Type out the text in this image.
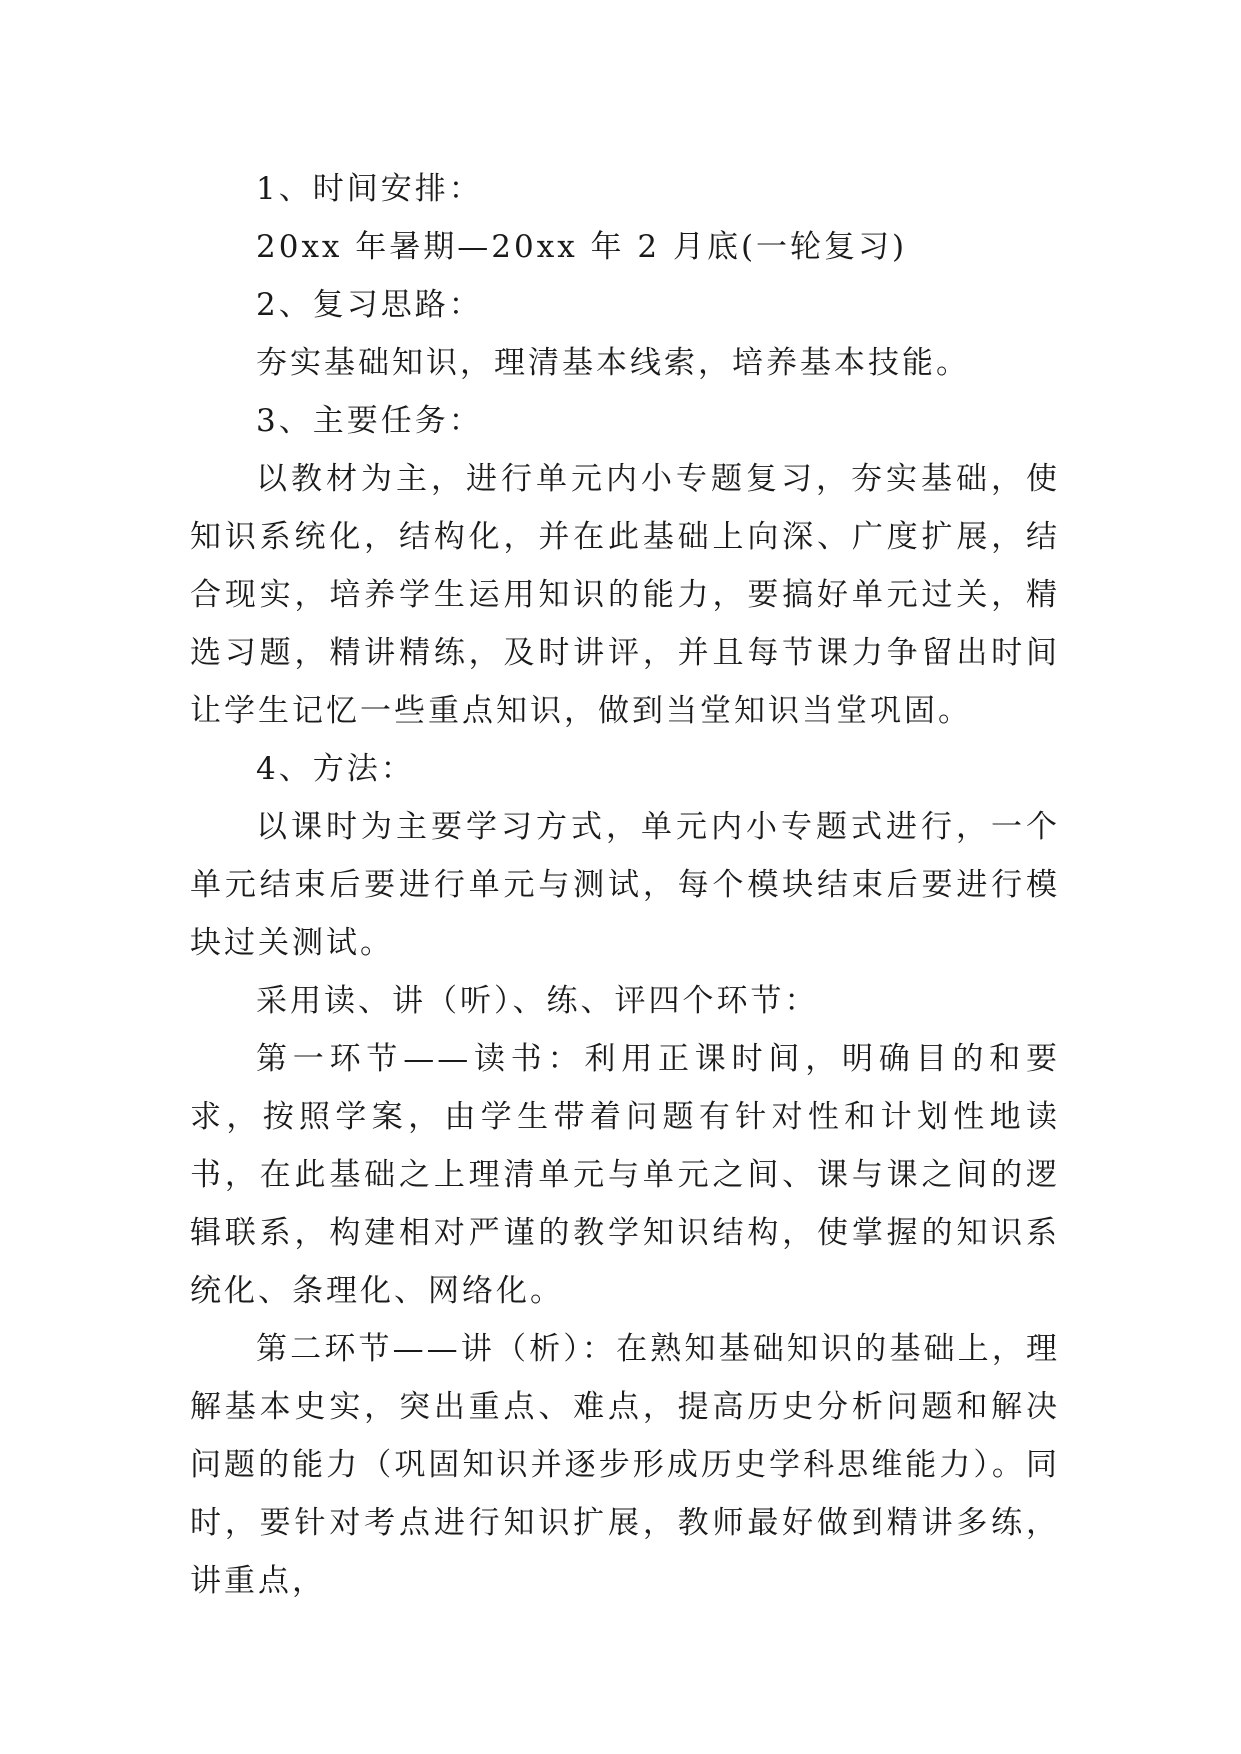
1、时间安排：

20xx 年暑期—20xx 年 2 月底(一轮复习)

2、复习思路：

夯实基础知识，理清基本线索，培养基本技能。

3、主要任务：

以教材为主，进行单元内小专题复习，夯实基础，使知识系统化，结构化，并在此基础上向深、广度扩展，结合现实，培养学生运用知识的能力，要搞好单元过关，精选习题，精讲精练，及时讲评，并且每节课力争留出时间让学生记忆一些重点知识，做到当堂知识当堂巩固。

4、方法：

以课时为主要学习方式，单元内小专题式进行，一个单元结束后要进行单元与测试，每个模块结束后要进行模块过关测试。

采用读、讲（听）、练、评四个环节：

第一环节——读书：利用正课时间，明确目的和要求，按照学案，由学生带着问题有针对性和计划性地读书，在此基础之上理清单元与单元之间、课与课之间的逻辑联系，构建相对严谨的教学知识结构，使掌握的知识系统化、条理化、网络化。

第二环节——讲（析）：在熟知基础知识的基础上，理解基本史实，突出重点、难点，提高历史分析问题和解决问题的能力（巩固知识并逐步形成历史学科思维能力）。同时，要针对考点进行知识扩展，教师最好做到精讲多练，讲重点，
